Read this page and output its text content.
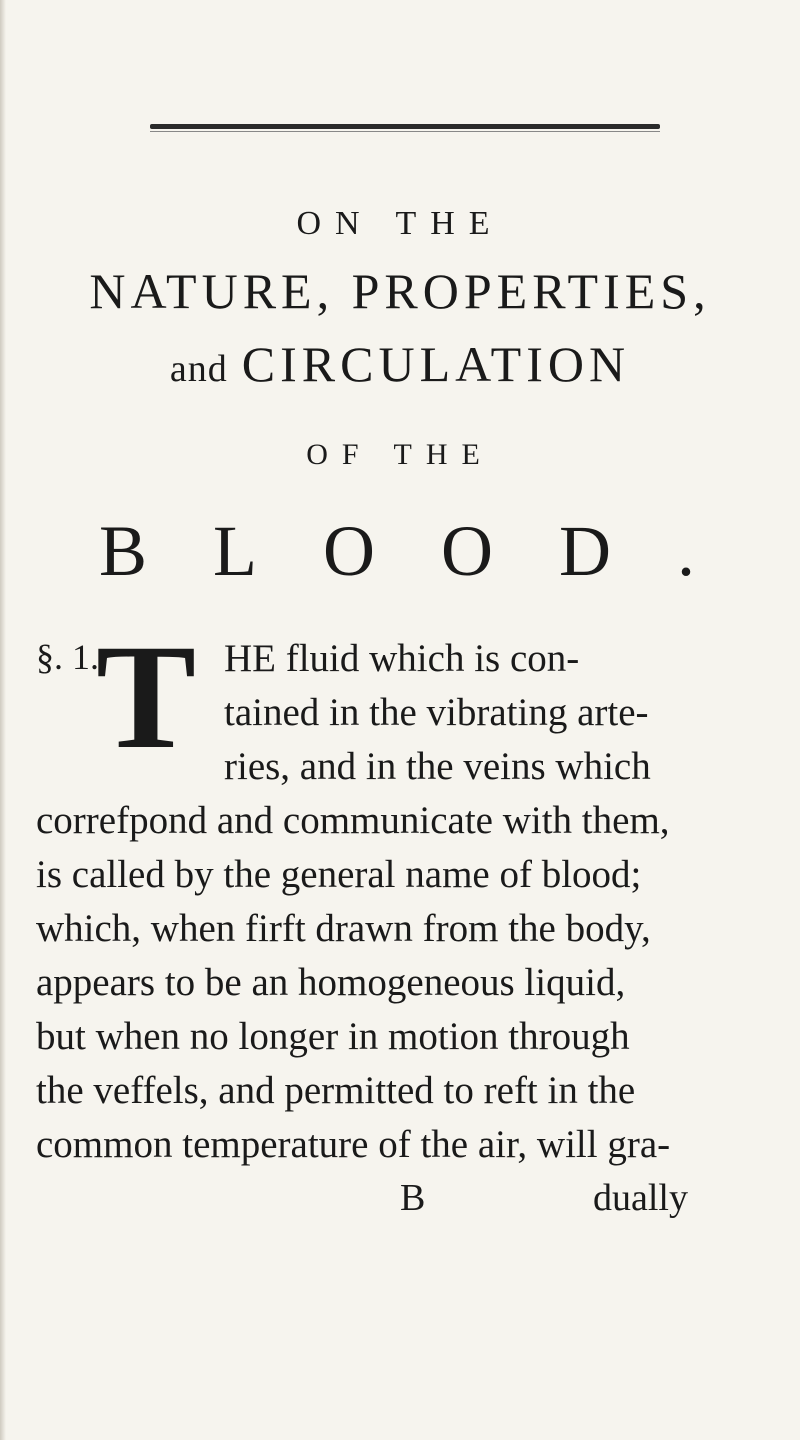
ON THE
NATURE, PROPERTIES,
and CIRCULATION
OF THE
BLOOD.
§. 1.
T HE fluid which is con-
tained in the vibrating arte-
ries, and in the veins which
correfpond and communicate with them,
is called by the general name of blood;
which, when firft drawn from the body,
appears to be an homogeneous liquid,
but when no longer in motion through
the veffels, and permitted to reft in the
common temperature of the air, will gra-
B	dually
